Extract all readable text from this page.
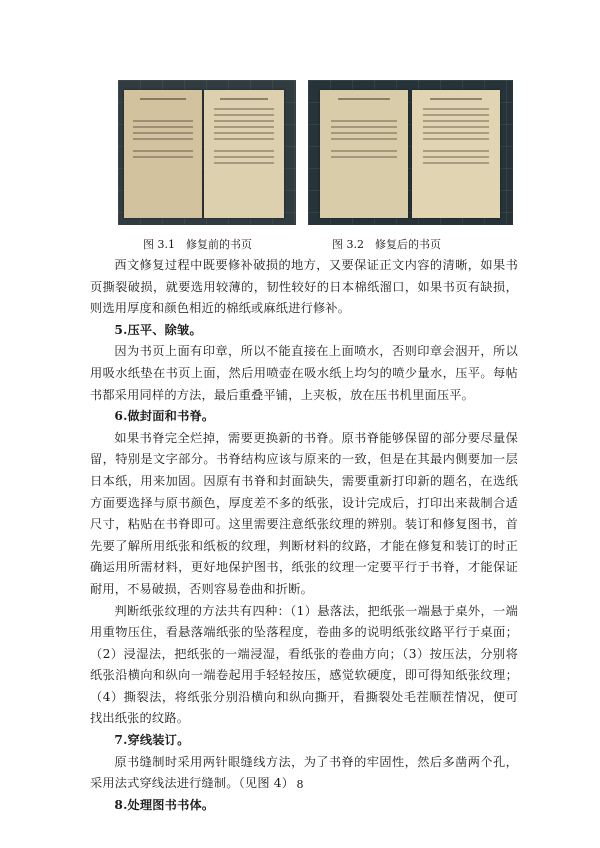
图 3.1　修复前的书页	图 3.2　修复后的书页

西文修复过程中既要修补破损的地方，又要保证正文内容的清晰，如果书页撕裂破损，就要选用较薄的，韧性较好的日本棉纸溜口，如果书页有缺损，则选用厚度和颜色相近的棉纸或麻纸进行修补。

5.压平、除皱。

因为书页上面有印章，所以不能直接在上面喷水，否则印章会洇开，所以用吸水纸垫在书页上面，然后用喷壶在吸水纸上均匀的喷少量水，压平。每帖书都采用同样的方法，最后重叠平铺，上夹板，放在压书机里面压平。

6.做封面和书脊。

如果书脊完全烂掉，需要更换新的书脊。原书脊能够保留的部分要尽量保留，特别是文字部分。书脊结构应该与原来的一致，但是在其最内侧要加一层日本纸，用来加固。因原有书脊和封面缺失，需要重新打印新的题名，在选纸方面要选择与原书颜色，厚度差不多的纸张，设计完成后，打印出来裁制合适尺寸，粘贴在书脊即可。这里需要注意纸张纹理的辨别。装订和修复图书，首先要了解所用纸张和纸板的纹理，判断材料的纹路，才能在修复和装订的时正确运用所需材料，更好地保护图书，纸张的纹理一定要平行于书脊，才能保证耐用，不易破损，否则容易卷曲和折断。

判断纸张纹理的方法共有四种：（1）悬落法，把纸张一端悬于桌外，一端用重物压住，看悬落端纸张的坠落程度，卷曲多的说明纸张纹路平行于桌面；（2）浸湿法，把纸张的一端浸湿，看纸张的卷曲方向；（3）按压法，分别将纸张沿横向和纵向一端卷起用手轻轻按压，感觉软硬度，即可得知纸张纹理；（4）撕裂法，将纸张分别沿横向和纵向撕开，看撕裂处毛茬顺茬情况，便可找出纸张的纹路。

7.穿线装订。

原书缝制时采用两针眼缝线方法，为了书脊的牢固性，然后多凿两个孔，采用法式穿线法进行缝制。（见图 4）

8.处理图书书体。

8
